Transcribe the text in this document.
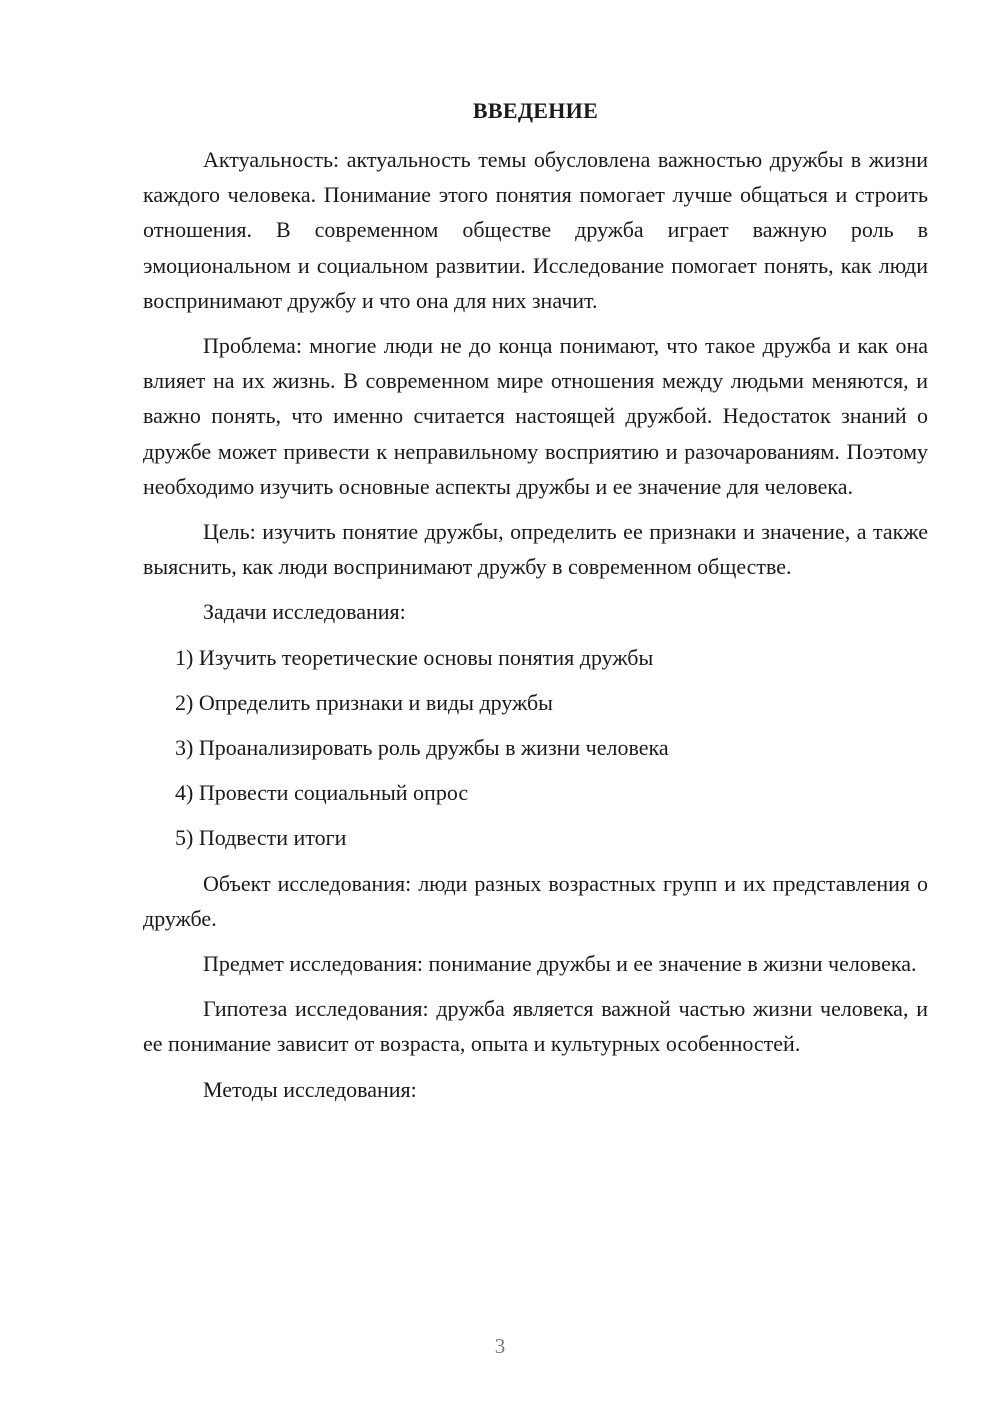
ВВЕДЕНИЕ

Актуальность: актуальность темы обусловлена важностью дружбы в жизни каждого человека. Понимание этого понятия помогает лучше общаться и строить отношения. В современном обществе дружба играет важную роль в эмоциональном и социальном развитии. Исследование помогает понять, как люди воспринимают дружбу и что она для них значит.

Проблема: многие люди не до конца понимают, что такое дружба и как она влияет на их жизнь. В современном мире отношения между людьми меняются, и важно понять, что именно считается настоящей дружбой. Недостаток знаний о дружбе может привести к неправильному восприятию и разочарованиям. Поэтому необходимо изучить основные аспекты дружбы и ее значение для человека.

Цель: изучить понятие дружбы, определить ее признаки и значение, а также выяснить, как люди воспринимают дружбу в современном обществе.

Задачи исследования:

1) Изучить теоретические основы понятия дружбы

2) Определить признаки и виды дружбы

3) Проанализировать роль дружбы в жизни человека

4) Провести социальный опрос

5) Подвести итоги

Объект исследования: люди разных возрастных групп и их представления о дружбе.

Предмет исследования: понимание дружбы и ее значение в жизни человека.

Гипотеза исследования: дружба является важной частью жизни человека, и ее понимание зависит от возраста, опыта и культурных особенностей.

Методы исследования:

3
